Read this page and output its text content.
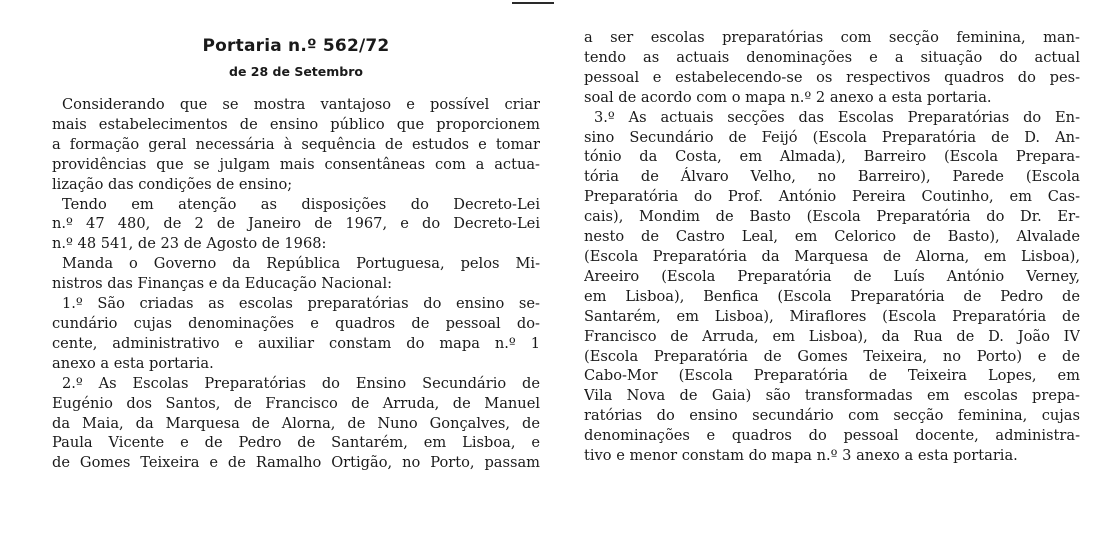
Portaria n.º 562/72
de 28 de Setembro
Considerando que se mostra vantajoso e possível criar
mais estabelecimentos de ensino público que proporcionem
a formação geral necessária à sequência de estudos e tomar
providências que se julgam mais consentâneas com a actua-
lização das condições de ensino;
Tendo em atenção as disposições do Decreto-Lei
n.º 47 480, de 2 de Janeiro de 1967, e do Decreto-Lei
n.º 48 541, de 23 de Agosto de 1968:
Manda o Governo da República Portuguesa, pelos Mi-
nistros das Finanças e da Educação Nacional:
1.º São criadas as escolas preparatórias do ensino se-
cundário cujas denominações e quadros de pessoal do-
cente, administrativo e auxiliar constam do mapa n.º 1
anexo a esta portaria.
2.º As Escolas Preparatórias do Ensino Secundário de
Eugénio dos Santos, de Francisco de Arruda, de Manuel
da Maia, da Marquesa de Alorna, de Nuno Gonçalves, de
Paula Vicente e de Pedro de Santarém, em Lisboa, e
de Gomes Teixeira e de Ramalho Ortigão, no Porto, passam
a ser escolas preparatórias com secção feminina, man-
tendo as actuais denominações e a situação do actual
pessoal e estabelecendo-se os respectivos quadros do pes-
soal de acordo com o mapa n.º 2 anexo a esta portaria.
3.º As actuais secções das Escolas Preparatórias do En-
sino Secundário de Feijó (Escola Preparatória de D. An-
tónio da Costa, em Almada), Barreiro (Escola Prepara-
tória de Álvaro Velho, no Barreiro), Parede (Escola
Preparatória do Prof. António Pereira Coutinho, em Cas-
cais), Mondim de Basto (Escola Preparatória do Dr. Er-
nesto de Castro Leal, em Celorico de Basto), Alvalade
(Escola Preparatória da Marquesa de Alorna, em Lisboa),
Areeiro (Escola Preparatória de Luís António Verney,
em Lisboa), Benfica (Escola Preparatória de Pedro de
Santarém, em Lisboa), Miraflores (Escola Preparatória de
Francisco de Arruda, em Lisboa), da Rua de D. João IV
(Escola Preparatória de Gomes Teixeira, no Porto) e de
Cabo-Mor (Escola Preparatória de Teixeira Lopes, em
Vila Nova de Gaia) são transformadas em escolas prepa-
ratórias do ensino secundário com secção feminina, cujas
denominações e quadros do pessoal docente, administra-
tivo e menor constam do mapa n.º 3 anexo a esta portaria.
